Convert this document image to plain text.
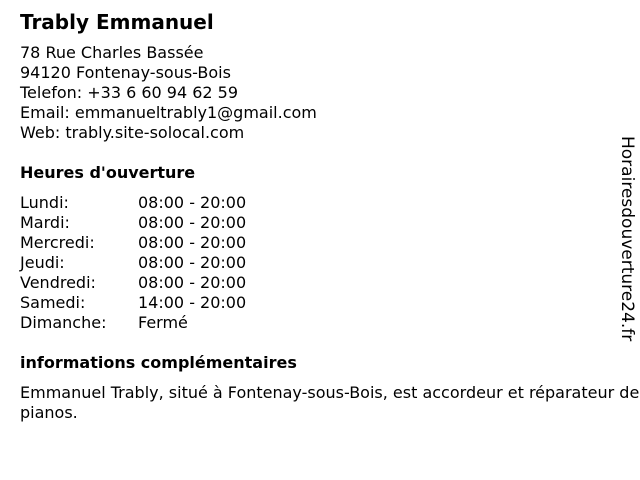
Trably Emmanuel
78 Rue Charles Bassée
94120 Fontenay-sous-Bois
Telefon: +33 6 60 94 62 59
Email: emmanueltrably1@gmail.com
Web: trably.site-solocal.com
Heures d'ouverture
Lundi:	08:00 - 20:00
Mardi:	08:00 - 20:00
Mercredi:	08:00 - 20:00
Jeudi:	08:00 - 20:00
Vendredi:	08:00 - 20:00
Samedi:	14:00 - 20:00
Dimanche:	Fermé
informations complémentaires
Emmanuel Trably, situé à Fontenay-sous-Bois, est accordeur et réparateur de pianos.
Horairesdouverture24.fr
